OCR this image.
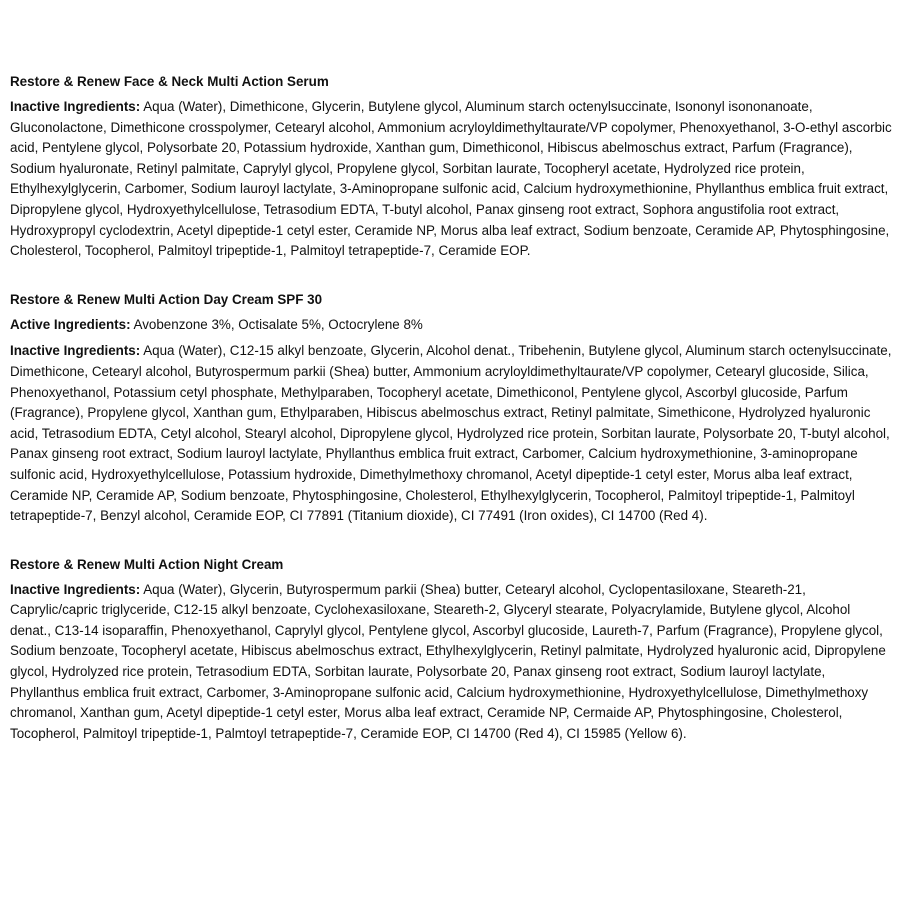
Restore & Renew Face & Neck Multi Action Serum
Inactive Ingredients: Aqua (Water), Dimethicone, Glycerin, Butylene glycol, Aluminum starch octenylsuccinate, Isononyl isononanoate, Gluconolactone, Dimethicone crosspolymer, Cetearyl alcohol, Ammonium acryloyldimethyltaurate/VP copolymer, Phenoxyethanol, 3-O-ethyl ascorbic acid, Pentylene glycol, Polysorbate 20, Potassium hydroxide, Xanthan gum, Dimethiconol, Hibiscus abelmoschus extract, Parfum (Fragrance), Sodium hyaluronate, Retinyl palmitate, Caprylyl glycol, Propylene glycol, Sorbitan laurate, Tocopheryl acetate, Hydrolyzed rice protein, Ethylhexylglycerin, Carbomer, Sodium lauroyl lactylate, 3-Aminopropane sulfonic acid, Calcium hydroxymethionine, Phyllanthus emblica fruit extract, Dipropylene glycol, Hydroxyethylcellulose, Tetrasodium EDTA, T-butyl alcohol, Panax ginseng root extract, Sophora angustifolia root extract, Hydroxypropyl cyclodextrin, Acetyl dipeptide-1 cetyl ester, Ceramide NP, Morus alba leaf extract, Sodium benzoate, Ceramide AP, Phytosphingosine, Cholesterol, Tocopherol, Palmitoyl tripeptide-1, Palmitoyl tetrapeptide-7, Ceramide EOP.
Restore & Renew Multi Action Day Cream SPF 30
Active Ingredients: Avobenzone 3%, Octisalate 5%, Octocrylene 8%
Inactive Ingredients: Aqua (Water), C12-15 alkyl benzoate, Glycerin, Alcohol denat., Tribehenin, Butylene glycol, Aluminum starch octenylsuccinate, Dimethicone, Cetearyl alcohol, Butyrospermum parkii (Shea) butter, Ammonium acryloyldimethyltaurate/VP copolymer, Cetearyl glucoside, Silica, Phenoxyethanol, Potassium cetyl phosphate, Methylparaben, Tocopheryl acetate, Dimethiconol, Pentylene glycol, Ascorbyl glucoside, Parfum (Fragrance), Propylene glycol, Xanthan gum, Ethylparaben, Hibiscus abelmoschus extract, Retinyl palmitate, Simethicone, Hydrolyzed hyaluronic acid, Tetrasodium EDTA, Cetyl alcohol, Stearyl alcohol, Dipropylene glycol, Hydrolyzed rice protein, Sorbitan laurate, Polysorbate 20, T-butyl alcohol, Panax ginseng root extract, Sodium lauroyl lactylate, Phyllanthus emblica fruit extract, Carbomer, Calcium hydroxymethionine, 3-aminopropane sulfonic acid, Hydroxyethylcellulose, Potassium hydroxide, Dimethylmethoxy chromanol, Acetyl dipeptide-1 cetyl ester, Morus alba leaf extract, Ceramide NP, Ceramide AP, Sodium benzoate, Phytosphingosine, Cholesterol, Ethylhexylglycerin, Tocopherol, Palmitoyl tripeptide-1, Palmitoyl tetrapeptide-7, Benzyl alcohol, Ceramide EOP, CI 77891 (Titanium dioxide), CI 77491 (Iron oxides), CI 14700 (Red 4).
Restore & Renew Multi Action Night Cream
Inactive Ingredients: Aqua (Water), Glycerin, Butyrospermum parkii (Shea) butter, Cetearyl alcohol, Cyclopentasiloxane, Steareth-21, Caprylic/capric triglyceride, C12-15 alkyl benzoate, Cyclohexasiloxane, Steareth-2, Glyceryl stearate, Polyacrylamide, Butylene glycol, Alcohol denat., C13-14 isoparaffin, Phenoxyethanol, Caprylyl glycol, Pentylene glycol, Ascorbyl glucoside, Laureth-7, Parfum (Fragrance), Propylene glycol, Sodium benzoate, Tocopheryl acetate, Hibiscus abelmoschus extract, Ethylhexylglycerin, Retinyl palmitate, Hydrolyzed hyaluronic acid, Dipropylene glycol, Hydrolyzed rice protein, Tetrasodium EDTA, Sorbitan laurate, Polysorbate 20, Panax ginseng root extract, Sodium lauroyl lactylate, Phyllanthus emblica fruit extract, Carbomer, 3-Aminopropane sulfonic acid, Calcium hydroxymethionine, Hydroxyethylcellulose, Dimethylmethoxy chromanol, Xanthan gum, Acetyl dipeptide-1 cetyl ester, Morus alba leaf extract, Ceramide NP, Cermaide AP, Phytosphingosine, Cholesterol, Tocopherol, Palmitoyl tripeptide-1, Palmtoyl tetrapeptide-7, Ceramide EOP, CI 14700 (Red 4), CI 15985 (Yellow 6).
